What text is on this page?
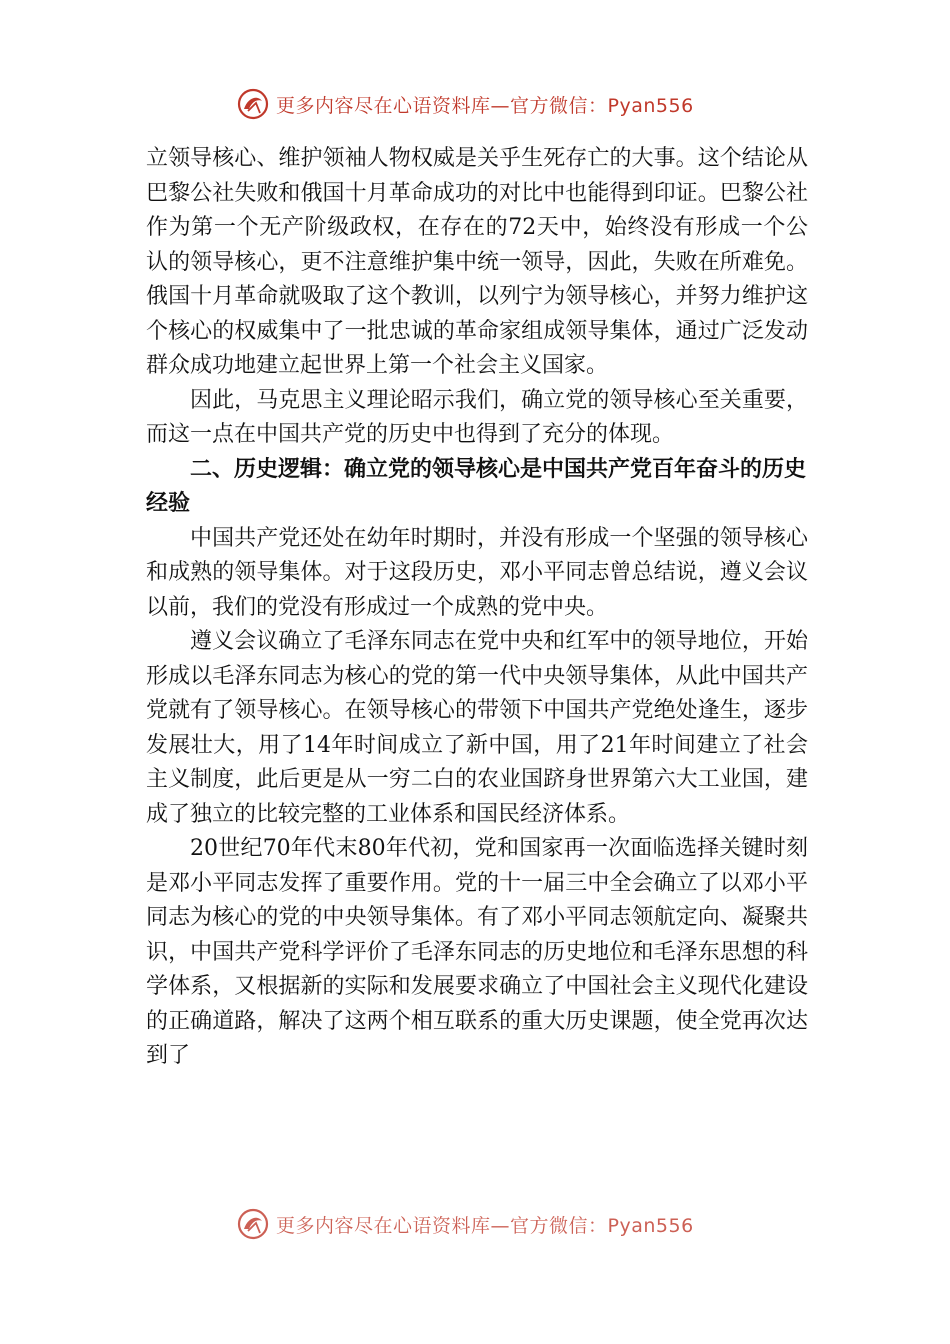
更多内容尽在心语资料库—官方微信：Pyan556

立领导核心、维护领袖人物权威是关乎生死存亡的大事。这个结论从巴黎公社失败和俄国十月革命成功的对比中也能得到印证。巴黎公社作为第一个无产阶级政权，在存在的72天中，始终没有形成一个公认的领导核心，更不注意维护集中统一领导，因此，失败在所难免。俄国十月革命就吸取了这个教训，以列宁为领导核心，并努力维护这个核心的权威集中了一批忠诚的革命家组成领导集体，通过广泛发动群众成功地建立起世界上第一个社会主义国家。

因此，马克思主义理论昭示我们，确立党的领导核心至关重要，而这一点在中国共产党的历史中也得到了充分的体现。

二、历史逻辑：确立党的领导核心是中国共产党百年奋斗的历史经验

中国共产党还处在幼年时期时，并没有形成一个坚强的领导核心和成熟的领导集体。对于这段历史，邓小平同志曾总结说，遵义会议以前，我们的党没有形成过一个成熟的党中央。

遵义会议确立了毛泽东同志在党中央和红军中的领导地位，开始形成以毛泽东同志为核心的党的第一代中央领导集体，从此中国共产党就有了领导核心。在领导核心的带领下中国共产党绝处逢生，逐步发展壮大，用了14年时间成立了新中国，用了21年时间建立了社会主义制度，此后更是从一穷二白的农业国跻身世界第六大工业国，建成了独立的比较完整的工业体系和国民经济体系。

20世纪70年代末80年代初，党和国家再一次面临选择关键时刻是邓小平同志发挥了重要作用。党的十一届三中全会确立了以邓小平同志为核心的党的中央领导集体。有了邓小平同志领航定向、凝聚共识，中国共产党科学评价了毛泽东同志的历史地位和毛泽东思想的科学体系，又根据新的实际和发展要求确立了中国社会主义现代化建设的正确道路，解决了这两个相互联系的重大历史课题，使全党再次达到了

更多内容尽在心语资料库—官方微信：Pyan556
